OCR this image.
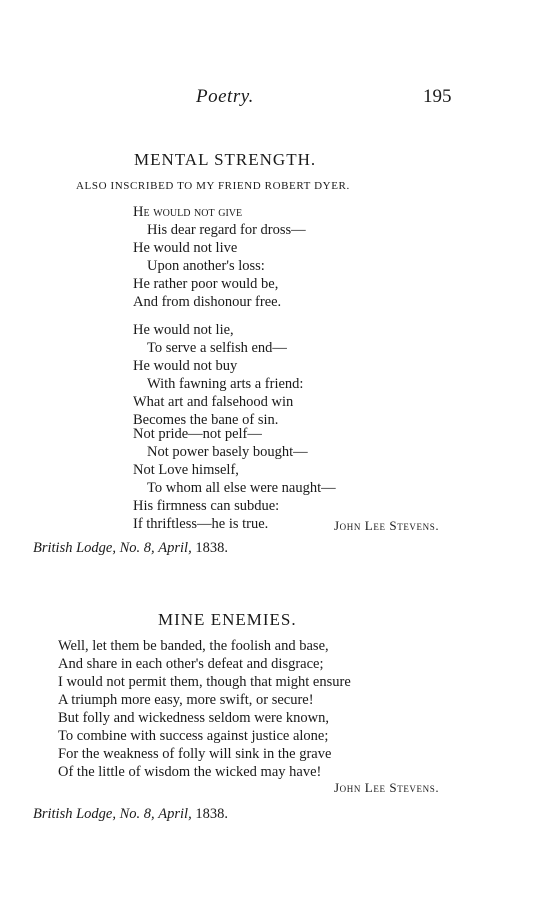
Poetry.	195
MENTAL STRENGTH.
ALSO INSCRIBED TO MY FRIEND ROBERT DYER.
He would not give
His dear regard for dross—
He would not live
Upon another's loss:
He rather poor would be,
And from dishonour free.
He would not lie,
To serve a selfish end—
He would not buy
With fawning arts a friend:
What art and falsehood win
Becomes the bane of sin.
Not pride—not pelf—
Not power basely bought—
Not Love himself,
To whom all else were naught—
His firmness can subdue:
If thriftless—he is true.	John Lee Stevens.
British Lodge, No. 8, April, 1838.
MINE ENEMIES.
Well, let them be banded, the foolish and base,
And share in each other's defeat and disgrace;
I would not permit them, though that might ensure
A triumph more easy, more swift, or secure!
But folly and wickedness seldom were known,
To combine with success against justice alone;
For the weakness of folly will sink in the grave
Of the little of wisdom the wicked may have!
John Lee Stevens.
British Lodge, No. 8, April, 1838.
